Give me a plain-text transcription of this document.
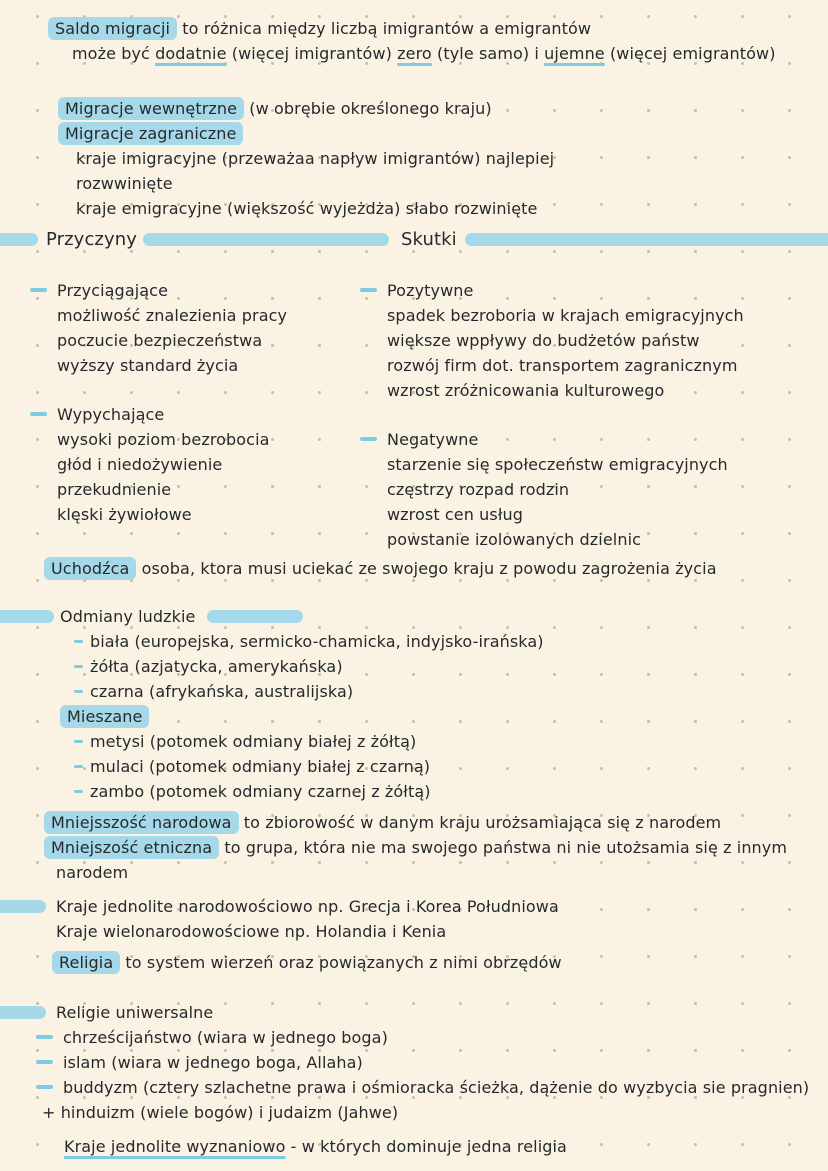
Saldo migracji to różnica między liczbą imigrantów a emigrantów
może być dodatnie (więcej imigrantów) zero (tyle samo) i ujemne (więcej emigrantów)
Migracje wewnętrzne (w obrębie określonego kraju)
Migracje zagraniczne
kraje imigracyjne (przeważaa napływ imigrantów) najlepiej
rozwwinięte
kraje emigracyjne (większość wyjeżdża) słabo rozwinięte
Przyczyny	Skutki
Przyciągające
możliwość znalezienia pracy
poczucie bezpieczeństwa
wyższy standard życia
Wypychające
wysoki poziom bezrobocia
głód i niedożywienie
przekudnienie
klęski żywiołowe
Pozytywne
spadek bezroboria w krajach emigracyjnych
większe wppływy do budżetów państw
rozwój firm dot. transportem zagranicznym
wzrost zróżnicowania kulturowego
Negatywne
starzenie się społeczeństw emigracyjnych
częstrzy rozpad rodzin
wzrost cen usług
powstanie izolowanych dzielnic
Uchodźca osoba, ktora musi uciekać ze swojego kraju z powodu zagrożenia życia
Odmiany ludzkie
biała (europejska, sermicko-chamicka, indyjsko-irańska)
żółta (azjatycka, amerykańska)
czarna (afrykańska, australijska)
Mieszane
metysi (potomek odmiany białej z żółtą)
mulaci (potomek odmiany białej z czarną)
zambo (potomek odmiany czarnej z żółtą)
Mniejsszość narodowa to zbiorowość w danym kraju urożsamiająca się z narodem
Mniejszość etniczna to grupa, która nie ma swojego państwa ni nie utożsamia się z innym
narodem
Kraje jednolite narodowościowo np. Grecja i Korea Południowa
Kraje wielonarodowościowe np. Holandia i Kenia
Religia to system wierzeń oraz powiązanych z nimi obrzędów
Religie uniwersalne
chrześcijaństwo (wiara w jednego boga)
islam (wiara w jednego boga, Allaha)
buddyzm (cztery szlachetne prawa i ośmioracka ścieżka, dążenie do wyzbycia sie pragnien)
+ hinduizm (wiele bogów) i judaizm (Jahwe)
Kraje jednolite wyznaniowo - w których dominuje jedna religia
